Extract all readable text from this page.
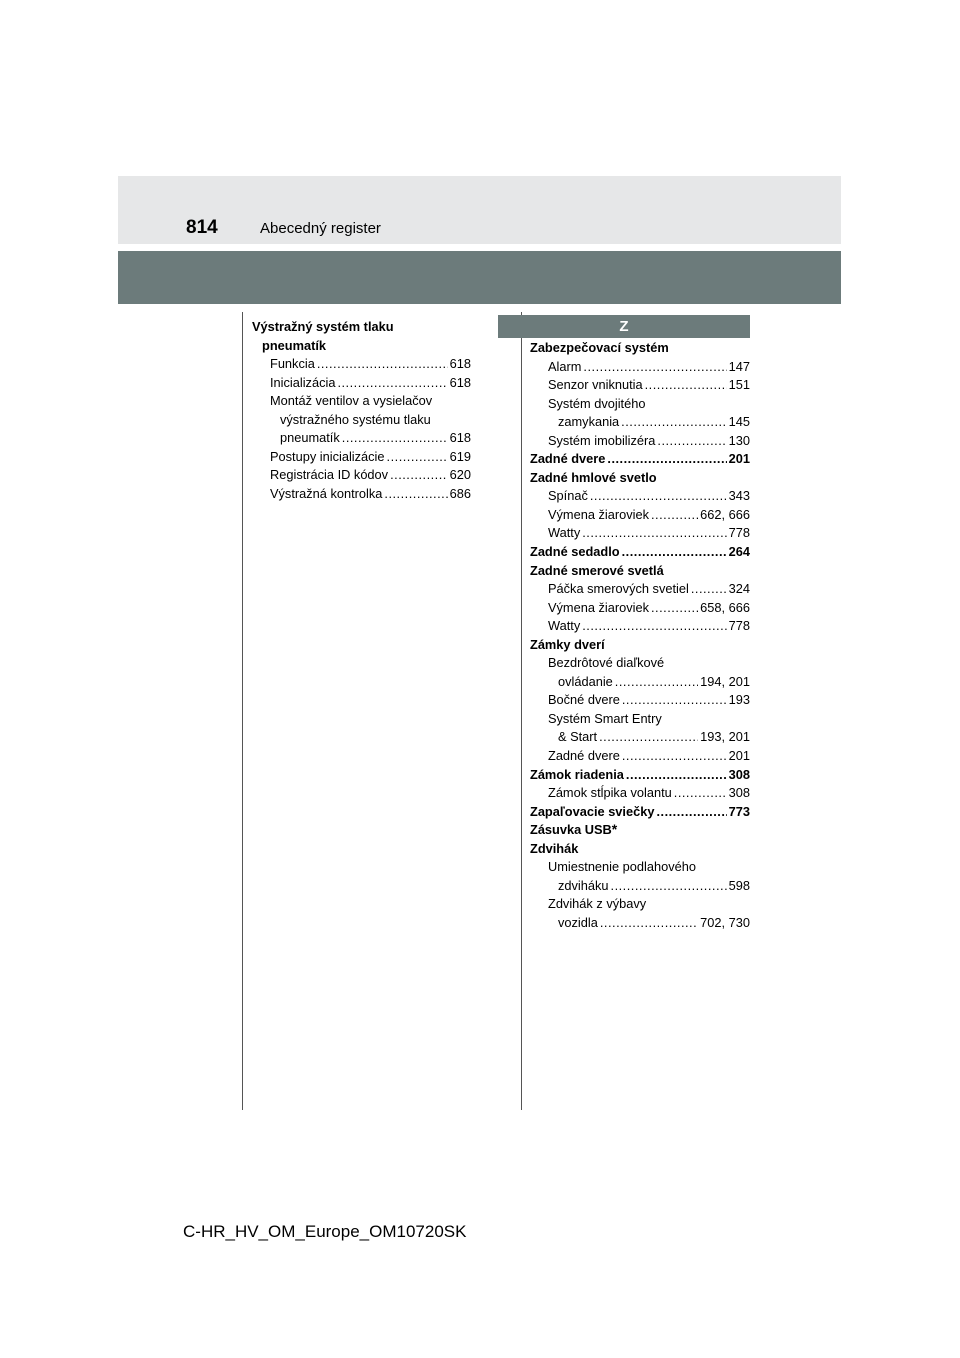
814	Abecedný register
Z
Výstražný systém tlaku
pneumatík
Funkcia .....	618
Inicializácia .....	618
Montáž ventilov a vysielačov
výstražného systému tlaku
pneumatík .....	618
Postupy inicializácie .....	619
Registrácia ID kódov .....	620
Výstražná kontrolka .....	686
Zabezpečovací systém
Alarm .....	147
Senzor vniknutia .....	151
Systém dvojitého
zamykania .....	145
Systém imobilizéra .....	130
Zadné dvere .....	201
Zadné hmlové svetlo
Spínač .....	343
Výmena žiaroviek .....	662, 666
Watty .....	778
Zadné sedadlo .....	264
Zadné smerové svetlá
Páčka smerových svetiel .....	324
Výmena žiaroviek .....	658, 666
Watty .....	778
Zámky dverí
Bezdrôtové diaľkové
ovládanie .....	194, 201
Bočné dvere .....	193
Systém Smart Entry
& Start .....	193, 201
Zadné dvere .....	201
Zámok riadenia .....	308
Zámok stĺpika volantu .....	308
Zapaľovacie sviečky .....	773
Zásuvka USB *
Zdvihák
Umiestnenie podlahového
zdviháku .....	598
Zdvihák z výbavy
vozidla .....	702, 730
C-HR_HV_OM_Europe_OM10720SK
